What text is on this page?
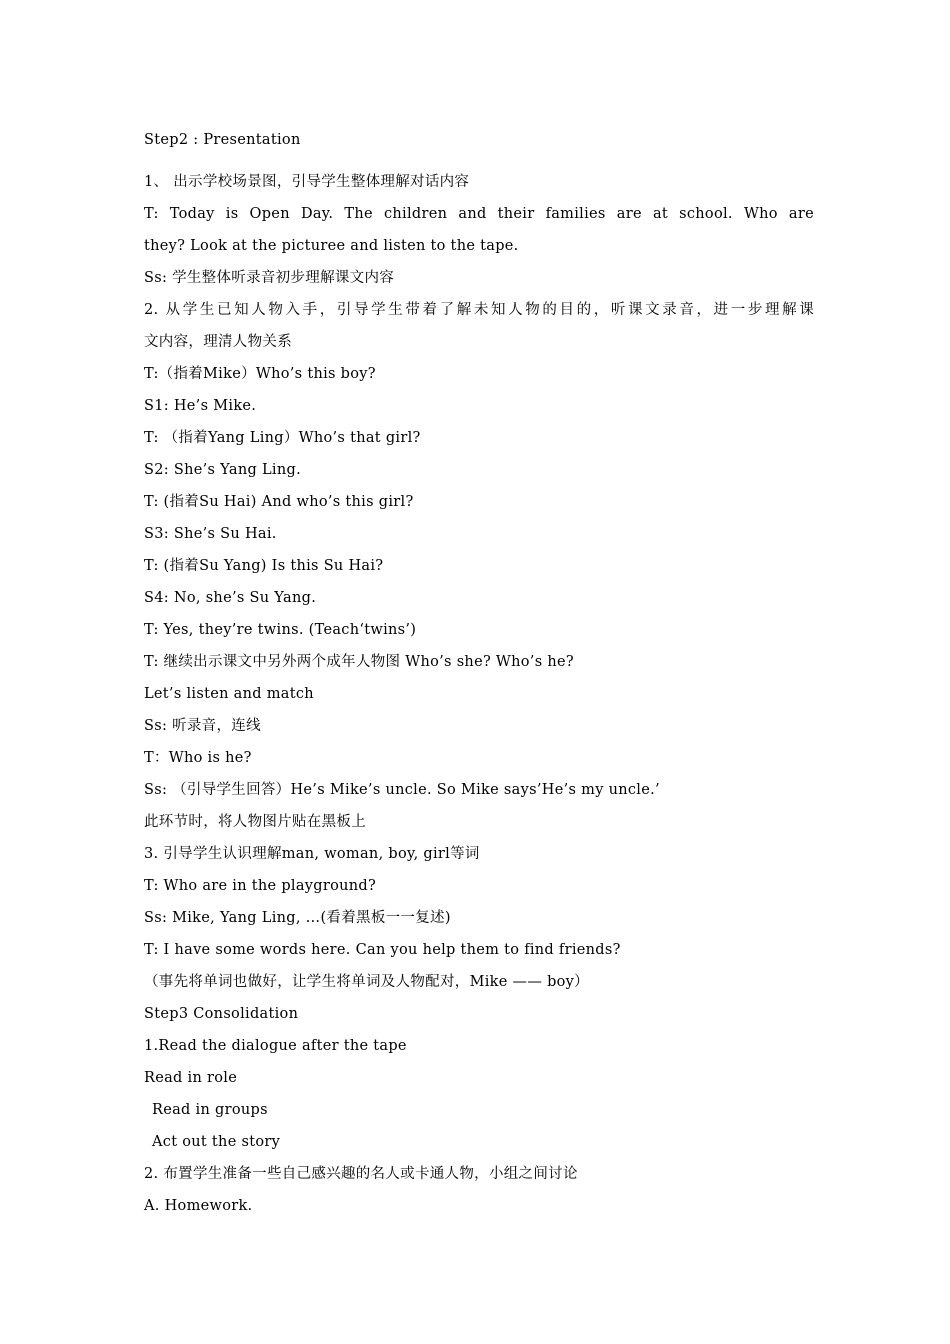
Step2 : Presentation
1、 出示学校场景图，引导学生整体理解对话内容
T: Today is Open Day. The children and their families are at school. Who are
they? Look at the picturee and listen to the tape.
Ss: 学生整体听录音初步理解课文内容
2. 从学生已知人物入手，引导学生带着了解未知人物的目的，听课文录音，进一步理解课
文内容，理清人物关系
T:（指着Mike）Who’s this boy?
S1: He’s Mike.
T: （指着Yang Ling）Who’s that girl?
S2: She’s Yang Ling.
T: (指着Su Hai) And who’s this girl?
S3: She’s Su Hai.
T: (指着Su Yang) Is this Su Hai?
S4: No, she’s Su Yang.
T: Yes, they’re twins. (Teach‘twins’)
T: 继续出示课文中另外两个成年人物图 Who’s she? Who’s he?
Let’s listen and match
Ss: 听录音，连线
T：Who is he?
Ss: （引导学生回答）He’s Mike’s uncle. So Mike says’He’s my uncle.’
此环节时，将人物图片贴在黑板上
3. 引导学生认识理解man, woman, boy, girl等词
T: Who are in the playground?
Ss: Mike, Yang Ling, …(看着黑板一一复述)
T: I have some words here. Can you help them to find friends?
（事先将单词也做好，让学生将单词及人物配对，Mike —— boy）
Step3 Consolidation
1.Read the dialogue after the tape
Read in role
Read in groups
Act out the story
2. 布置学生准备一些自己感兴趣的名人或卡通人物，小组之间讨论
A. Homework.
